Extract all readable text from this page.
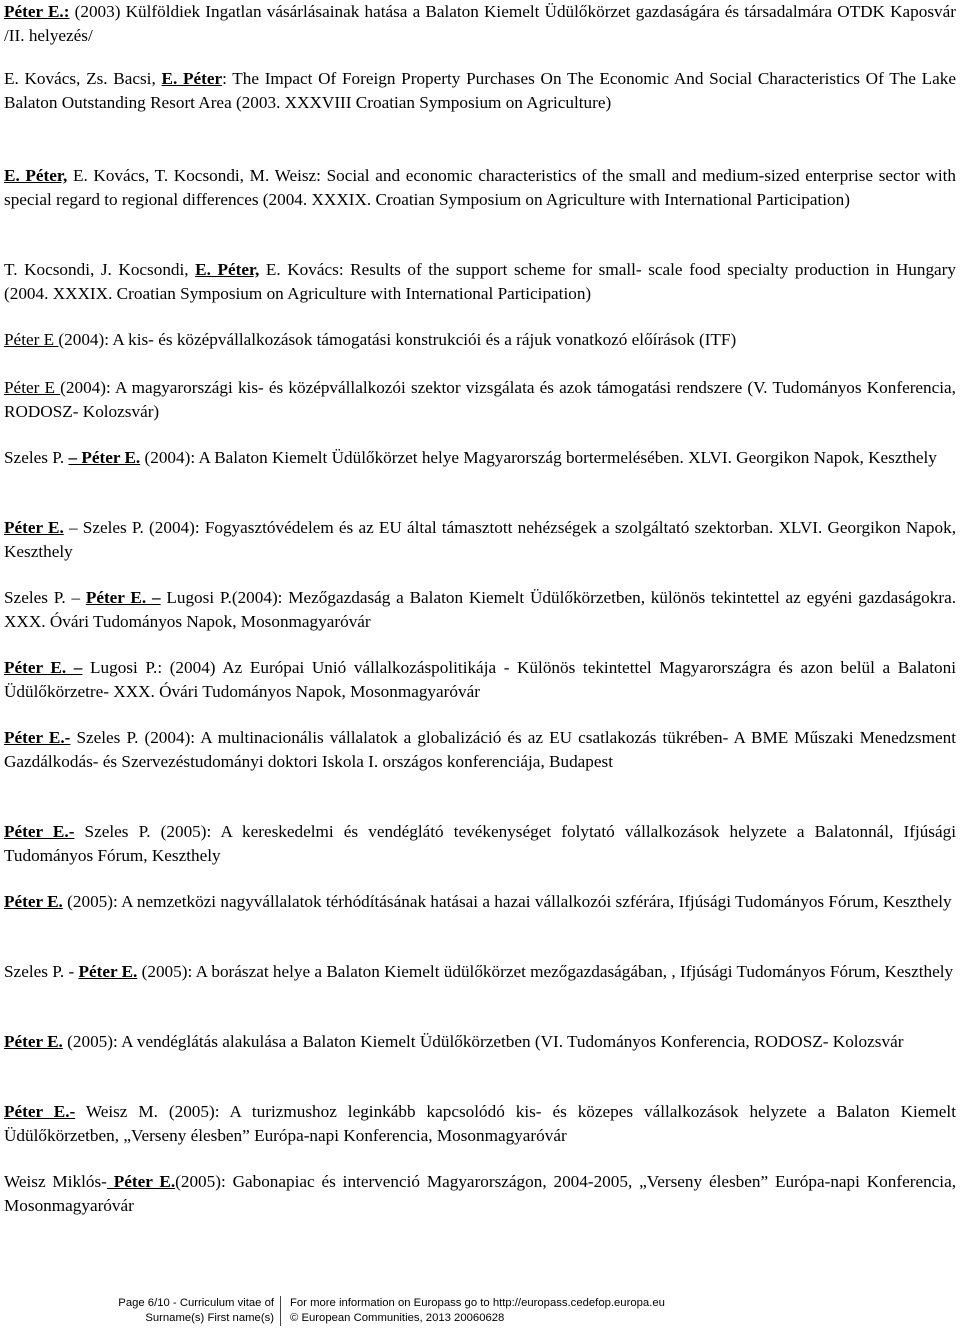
Péter E.: (2003) Külföldiek Ingatlan vásárlásainak hatása a Balaton Kiemelt Üdülőkörzet gazdaságára és társadalmára OTDK Kaposvár /II. helyezés/

E. Kovács, Zs. Bacsi, E. Péter: The Impact Of Foreign Property Purchases On The Economic And Social Characteristics Of The Lake Balaton Outstanding Resort Area (2003. XXXVIII Croatian Symposium on Agriculture)

E. Péter, E. Kovács, T. Kocsondi, M. Weisz: Social and economic characteristics of the small and medium-sized enterprise sector with special regard to regional differences (2004. XXXIX. Croatian Symposium on Agriculture with International Participation)

T. Kocsondi, J. Kocsondi, E. Péter, E. Kovács: Results of the support scheme for small- scale food specialty production in Hungary (2004. XXXIX. Croatian Symposium on Agriculture with International Participation)

Péter E (2004): A kis- és középvállalkozások támogatási konstrukciói és a rájuk vonatkozó előírások (ITF)

Péter E (2004): A magyarországi kis- és középvállalkozói szektor vizsgálata és azok támogatási rendszere (V. Tudományos Konferencia, RODOSZ- Kolozsvár)

Szeles P. – Péter E. (2004): A Balaton Kiemelt Üdülőkörzet helye Magyarország bortermelésében. XLVI. Georgikon Napok, Keszthely

Péter E. – Szeles P. (2004): Fogyasztóvédelem és az EU által támasztott nehézségek a szolgáltató szektorban. XLVI. Georgikon Napok, Keszthely

Szeles P. – Péter E. – Lugosi P.(2004): Mezőgazdaság a Balaton Kiemelt Üdülőkörzetben, különös tekintettel az egyéni gazdaságokra. XXX. Óvári Tudományos Napok, Mosonmagyaróvár

Péter E. – Lugosi P.: (2004) Az Európai Unió vállalkozáspolitikája - Különös tekintettel Magyarországra és azon belül a Balatoni Üdülőkörzetre- XXX. Óvári Tudományos Napok, Mosonmagyaróvár

Péter E.- Szeles P. (2004): A multinacionális vállalatok a globalizáció és az EU csatlakozás tükrében- A BME Műszaki Menedzsment Gazdálkodás- és Szervezéstudományi doktori Iskola I. országos konferenciája, Budapest

Péter E.- Szeles P. (2005): A kereskedelmi és vendéglátó tevékenységet folytató vállalkozások helyzete a Balatonnál, Ifjúsági Tudományos Fórum, Keszthely

Péter E. (2005): A nemzetközi nagyvállalatok térhódításának hatásai a hazai vállalkozói szférára, Ifjúsági Tudományos Fórum, Keszthely

Szeles P. - Péter E. (2005): A borászat helye a Balaton Kiemelt üdülőkörzet mezőgazdaságában, , Ifjúsági Tudományos Fórum, Keszthely

Péter E. (2005): A vendéglátás alakulása a Balaton Kiemelt Üdülőkörzetben (VI. Tudományos Konferencia, RODOSZ- Kolozsvár

Péter E.- Weisz M. (2005): A turizmushoz leginkább kapcsolódó kis- és közepes vállalkozások helyzete a Balaton Kiemelt Üdülőkörzetben, „Verseny élesben” Európa-napi Konferencia, Mosonmagyaróvár

Weisz Miklós- Péter E.(2005): Gabonapiac és intervenció Magyarországon, 2004-2005, „Verseny élesben” Európa-napi Konferencia, Mosonmagyaróvár

Page 6/10 - Curriculum vitae of
Surname(s) First name(s)
For more information on Europass go to http://europass.cedefop.europa.eu
© European Communities, 2013 20060628
